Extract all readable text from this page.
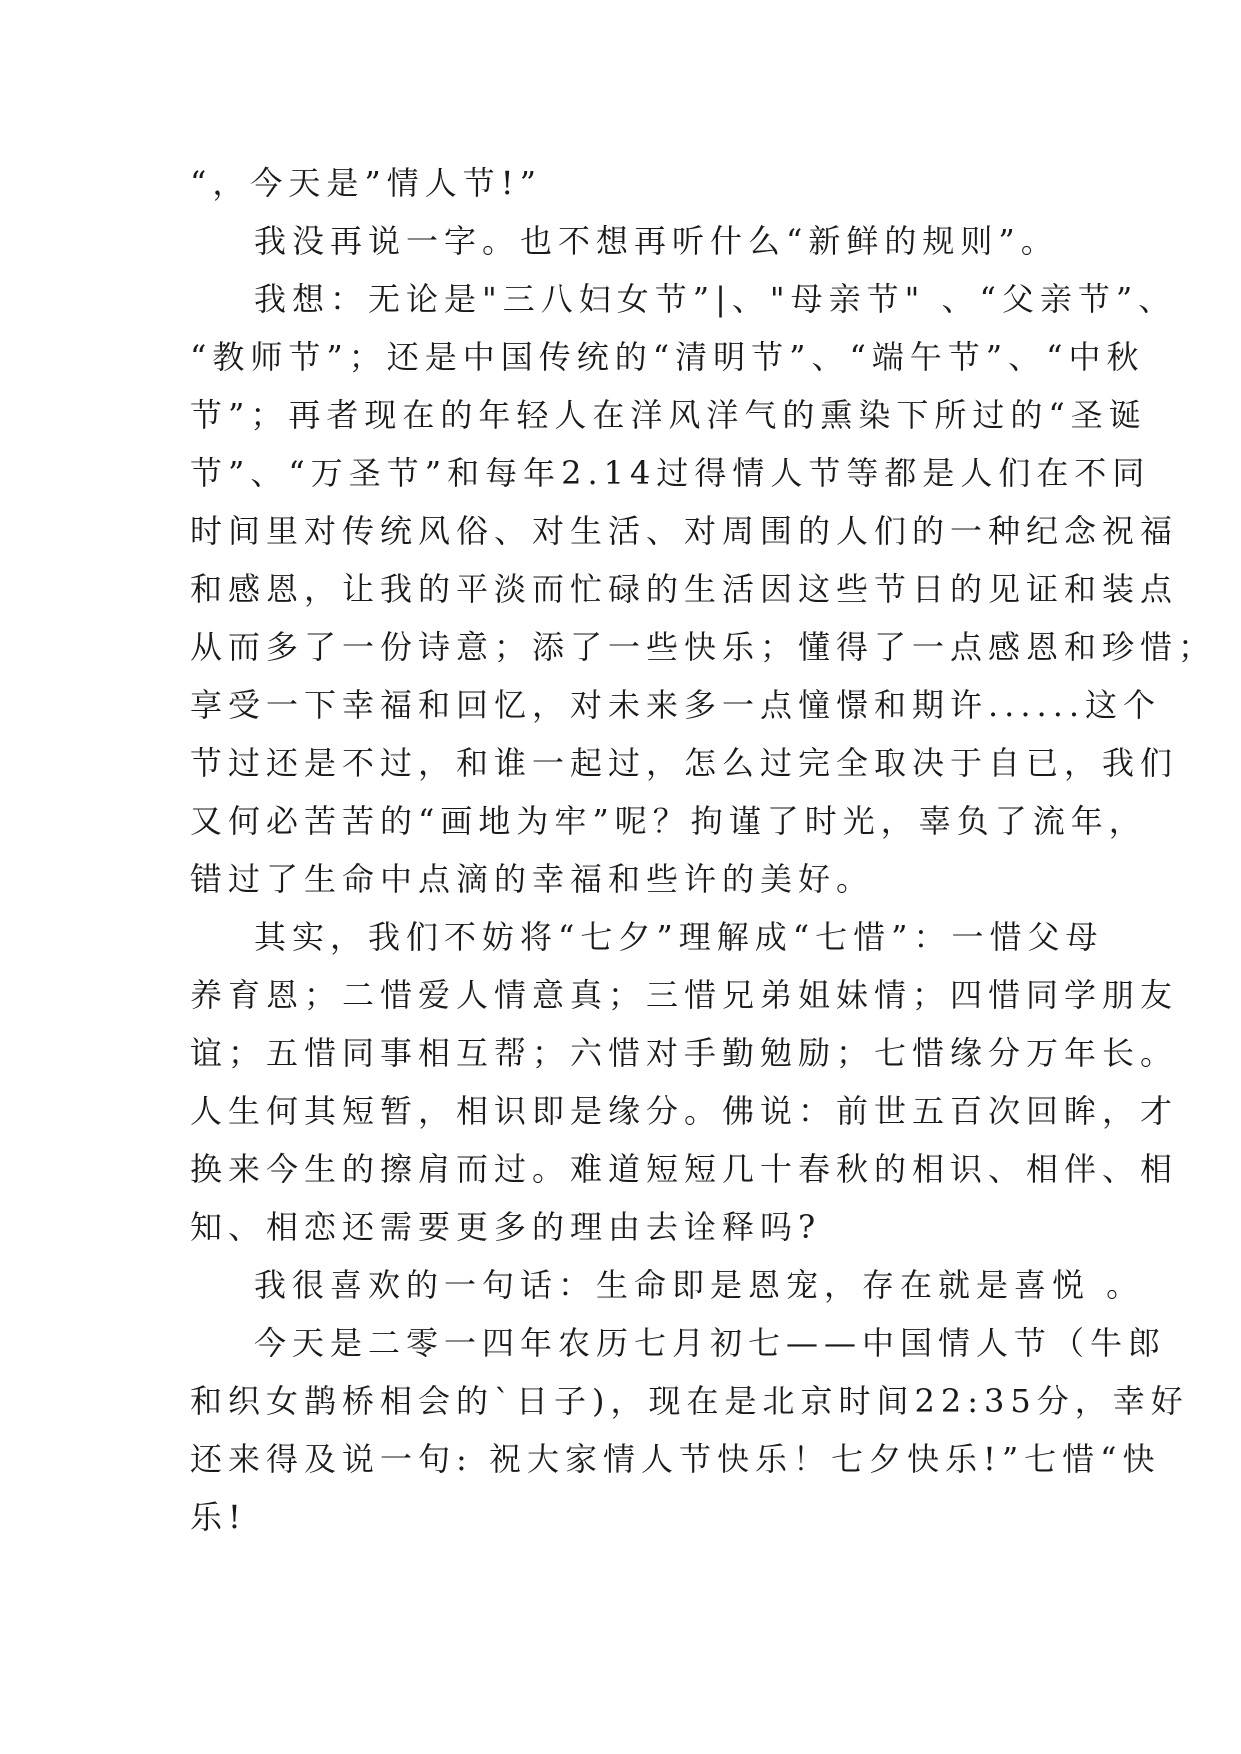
“，今天是”情人节!”
我没再说一字。也不想再听什么“新鲜的规则”。
我想：无论是"三八妇女节”|、"母亲节" 、“父亲节”、
“教师节”；还是中国传统的“清明节”、“端午节”、“中秋
节”；再者现在的年轻人在洋风洋气的熏染下所过的“圣诞
节”、“万圣节”和每年2.14过得情人节等都是人们在不同
时间里对传统风俗、对生活、对周围的人们的一种纪念祝福
和感恩，让我的平淡而忙碌的生活因这些节日的见证和装点
从而多了一份诗意；添了一些快乐；懂得了一点感恩和珍惜；
享受一下幸福和回忆，对未来多一点憧憬和期许......这个
节过还是不过，和谁一起过，怎么过完全取决于自已，我们
又何必苦苦的“画地为牢”呢？拘谨了时光，辜负了流年，
错过了生命中点滴的幸福和些许的美好。
其实，我们不妨将“七夕”理解成“七惜”：一惜父母
养育恩；二惜爱人情意真；三惜兄弟姐妹情；四惜同学朋友
谊；五惜同事相互帮；六惜对手勤勉励；七惜缘分万年长。
人生何其短暂，相识即是缘分。佛说：前世五百次回眸，才
换来今生的擦肩而过。难道短短几十春秋的相识、相伴、相
知、相恋还需要更多的理由去诠释吗?
我很喜欢的一句话：生命即是恩宠，存在就是喜悦 。
今天是二零一四年农历七月初七——中国情人节（牛郎
和织女鹊桥相会的`日子)，现在是北京时间22:35分，幸好
还来得及说一句: 祝大家情人节快乐！七夕快乐!”七惜“快
乐!
